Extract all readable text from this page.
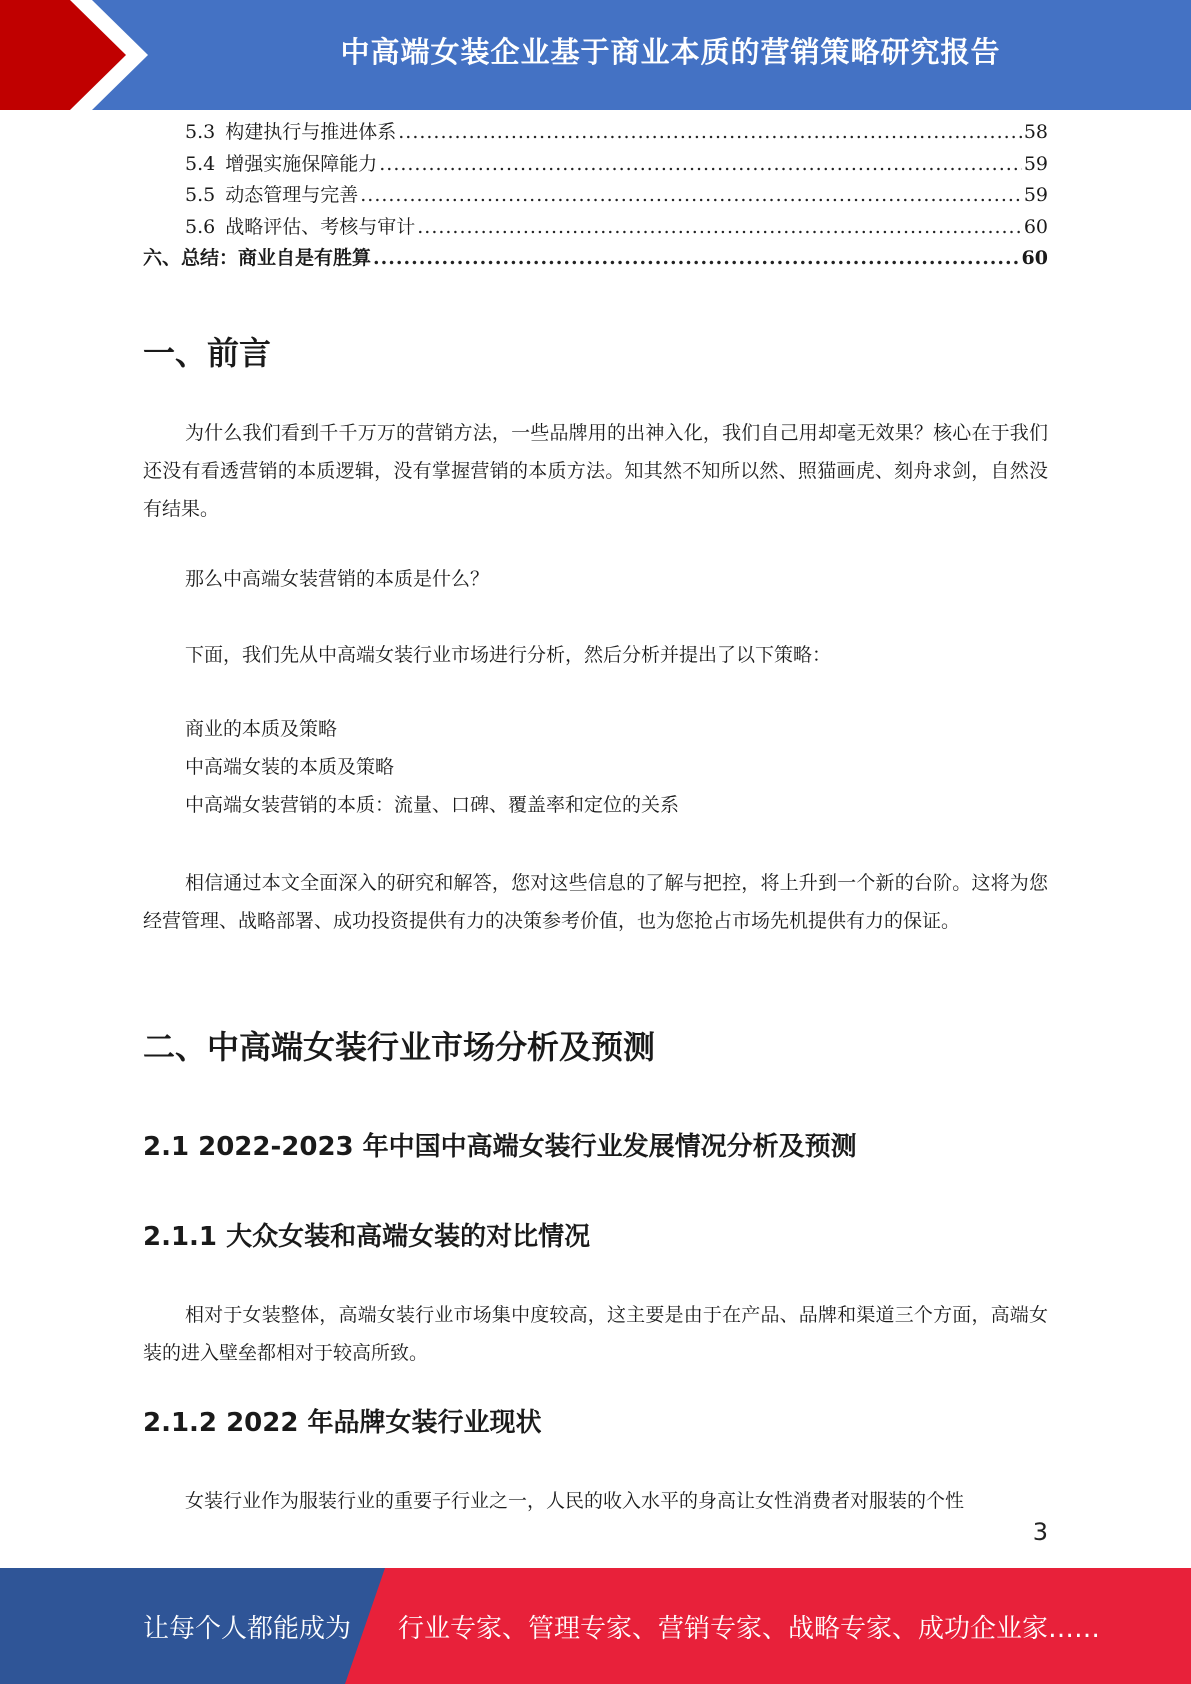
中高端女装企业基于商业本质的营销策略研究报告
5.3 构建执行与推进体系 .....	58
5.4 增强实施保障能力 .....	59
5.5 动态管理与完善 .....	59
5.6 战略评估、考核与审计 .....	60
六、总结：商业自是有胜算 .....	60
一、前言

为什么我们看到千千万万的营销方法，一些品牌用的出神入化，我们自己用却毫无效果？核心在于我们还没有看透营销的本质逻辑，没有掌握营销的本质方法。知其然不知所以然、照猫画虎、刻舟求剑，自然没有结果。

那么中高端女装营销的本质是什么？

下面，我们先从中高端女装行业市场进行分析，然后分析并提出了以下策略：

商业的本质及策略

中高端女装的本质及策略

中高端女装营销的本质：流量、口碑、覆盖率和定位的关系

相信通过本文全面深入的研究和解答，您对这些信息的了解与把控，将上升到一个新的台阶。这将为您经营管理、战略部署、成功投资提供有力的决策参考价值，也为您抢占市场先机提供有力的保证。

二、中高端女装行业市场分析及预测
2.1 2022-2023 年中国中高端女装行业发展情况分析及预测
2.1.1 大众女装和高端女装的对比情况

相对于女装整体，高端女装行业市场集中度较高，这主要是由于在产品、品牌和渠道三个方面，高端女装的进入壁垒都相对于较高所致。

2.1.2 2022 年品牌女装行业现状

女装行业作为服装行业的重要子行业之一，人民的收入水平的身高让女性消费者对服装的个性

3
让每个人都能成为 行业专家、管理专家、营销专家、战略专家、成功企业家……
